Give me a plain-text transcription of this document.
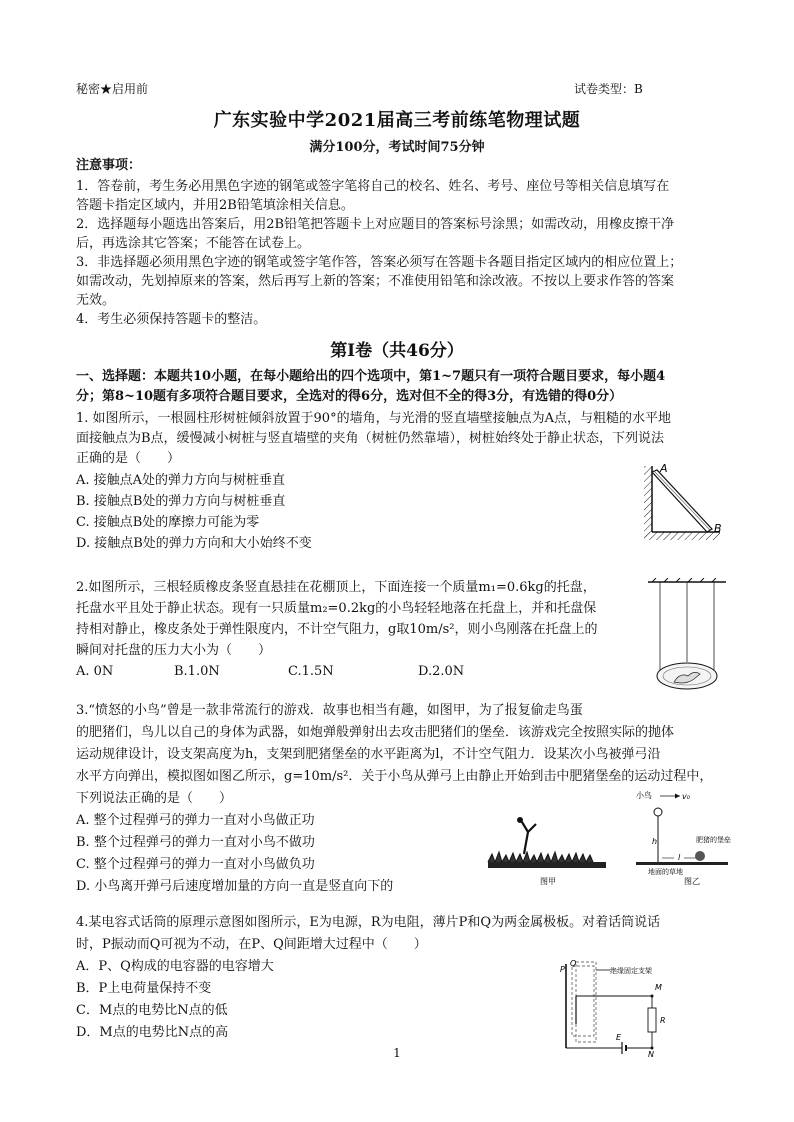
秘密★启用前	试卷类型：B
广东实验中学2021届高三考前练笔物理试题
满分100分，考试时间75分钟
注意事项：
1．答卷前，考生务必用黑色字迹的钢笔或签字笔将自己的校名、姓名、考号、座位号等相关信息填写在
答题卡指定区域内，并用2B铅笔填涂相关信息。
2．选择题每小题选出答案后，用2B铅笔把答题卡上对应题目的答案标号涂黑；如需改动，用橡皮擦干净
后，再选涂其它答案；不能答在试卷上。
3．非选择题必须用黑色字迹的钢笔或签字笔作答，答案必须写在答题卡各题目指定区域内的相应位置上；
如需改动，先划掉原来的答案，然后再写上新的答案；不准使用铅笔和涂改液。不按以上要求作答的答案
无效。
4．考生必须保持答题卡的整洁。
第Ⅰ卷（共46分）
一、选择题：本题共10小题，在每小题给出的四个选项中，第1~7题只有一项符合题目要求，每小题4
分；第8~10题有多项符合题目要求，全选对的得6分，选对但不全的得3分，有选错的得0分）
1. 如图所示，一根圆柱形树桩倾斜放置于90°的墙角，与光滑的竖直墙壁接触点为A点，与粗糙的水平地
面接触点为B点，缓慢减小树桩与竖直墙壁的夹角（树桩仍然靠墙），树桩始终处于静止状态，下列说法
正确的是（　　）
A. 接触点A处的弹力方向与树桩垂直
B. 接触点B处的弹力方向与树桩垂直
C. 接触点B处的摩擦力可能为零
D. 接触点B处的弹力方向和大小始终不变
A
B
2.如图所示，三根轻质橡皮条竖直悬挂在花棚顶上，下面连接一个质量m₁=0.6kg的托盘，
托盘水平且处于静止状态。现有一只质量m₂=0.2kg的小鸟轻轻地落在托盘上，并和托盘保
持相对静止，橡皮条处于弹性限度内，不计空气阻力，g取10m/s²，则小鸟刚落在托盘上的
瞬间对托盘的压力大小为（　　）
A. 0N	B.1.0N	C.1.5N	D.2.0N
3.“愤怒的小鸟”曾是一款非常流行的游戏．故事也相当有趣，如图甲，为了报复偷走鸟蛋
的肥猪们，鸟儿以自己的身体为武器，如炮弹般弹射出去攻击肥猪们的堡垒．该游戏完全按照实际的抛体
运动规律设计，设支架高度为h，支架到肥猪堡垒的水平距离为l，不计空气阻力．设某次小鸟被弹弓沿
水平方向弹出，模拟图如图乙所示，g=10m/s²．关于小鸟从弹弓上由静止开始到击中肥猪堡垒的运动过程中，
下列说法正确的是（　　）
A. 整个过程弹弓的弹力一直对小鸟做正功
B. 整个过程弹弓的弹力一直对小鸟不做功
C. 整个过程弹弓的弹力一直对小鸟做负功
D. 小鸟离开弹弓后速度增加量的方向一直是竖直向下的	图甲
小鸟	v₀
h
l
肥猪的堡垒
地面的草地
图乙
4.某电容式话筒的原理示意图如图所示，E为电源，R为电阻，薄片P和Q为两金属极板。对着话筒说话
时，P振动而Q可视为不动，在P、Q间距增大过程中（　　）
A．P、Q构成的电容器的电容增大
B．P上电荷量保持不变
C．M点的电势比N点的低
D．M点的电势比N点的高
P
Q
绝缘固定支架
R
M
E
N
1
